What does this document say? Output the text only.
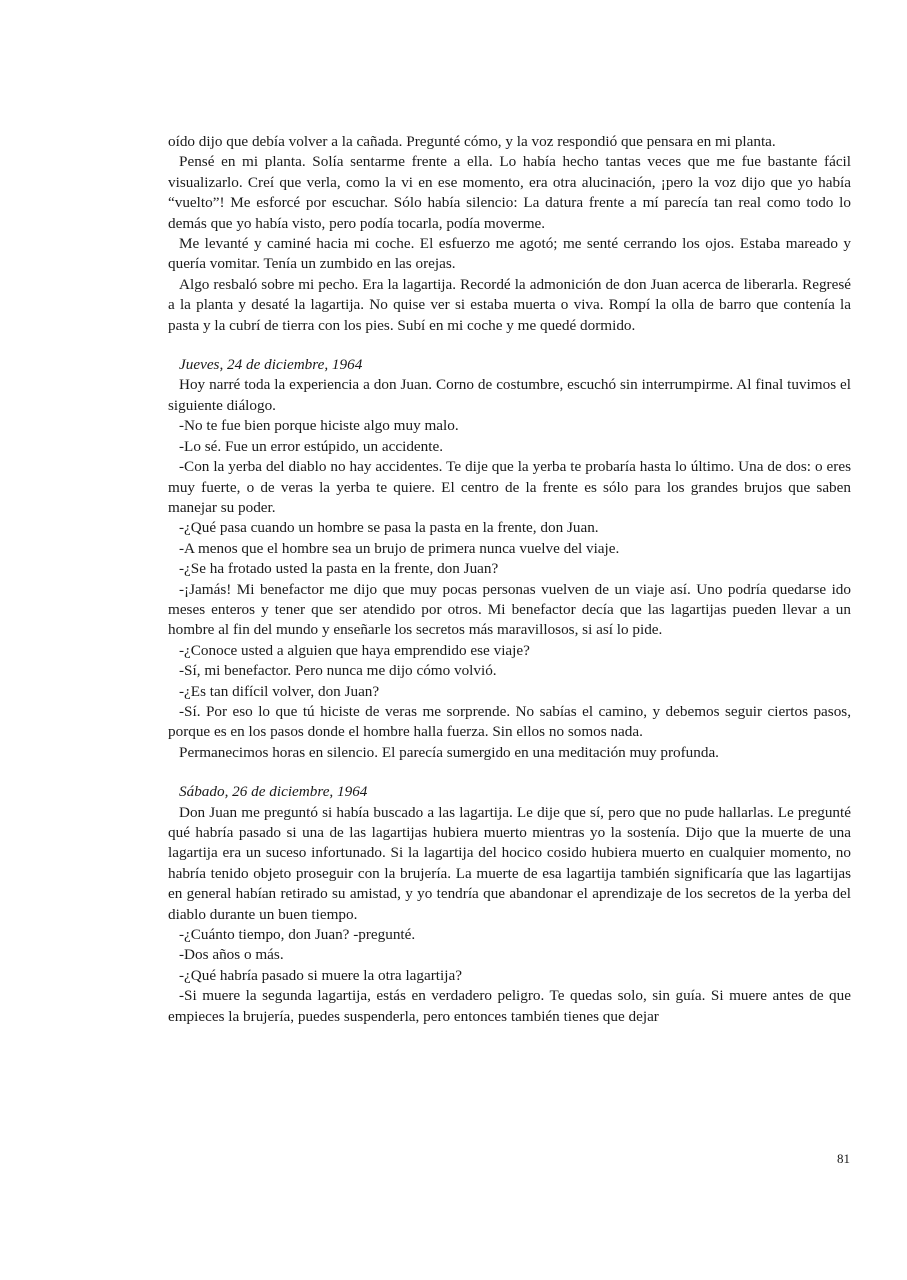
oído dijo que debía volver a la cañada. Pregunté cómo, y la voz respondió que pensara en mi planta.

Pensé en mi planta. Solía sentarme frente a ella. Lo había hecho tantas veces que me fue bastante fácil visualizarlo. Creí que verla, como la vi en ese momento, era otra alucinación, ¡pero la voz dijo que yo había “vuelto”! Me esforcé por escuchar. Sólo había silencio: La datura frente a mí parecía tan real como todo lo demás que yo había visto, pero podía tocarla, podía moverme.

Me levanté y caminé hacia mi coche. El esfuerzo me agotó; me senté cerrando los ojos. Estaba mareado y quería vomitar. Tenía un zumbido en las orejas.

Algo resbaló sobre mi pecho. Era la lagartija. Recordé la admonición de don Juan acerca de liberarla. Regresé a la planta y desaté la lagartija. No quise ver si estaba muerta o viva. Rompí la olla de barro que contenía la pasta y la cubrí de tierra con los pies. Subí en mi coche y me quedé dormido.

Jueves, 24 de diciembre, 1964

Hoy narré toda la experiencia a don Juan. Corno de costumbre, escuchó sin interrumpirme. Al final tuvimos el siguiente diálogo.

-No te fue bien porque hiciste algo muy malo.

-Lo sé. Fue un error estúpido, un accidente.

-Con la yerba del diablo no hay accidentes. Te dije que la yerba te probaría hasta lo último. Una de dos: o eres muy fuerte, o de veras la yerba te quiere. El centro de la frente es sólo para los grandes brujos que saben manejar su poder.

-¿Qué pasa cuando un hombre se pasa la pasta en la frente, don Juan.

-A menos que el hombre sea un brujo de primera nunca vuelve del viaje.

-¿Se ha frotado usted la pasta en la frente, don Juan?

-¡Jamás! Mi benefactor me dijo que muy pocas personas vuelven de un viaje así. Uno podría quedarse ido meses enteros y tener que ser atendido por otros. Mi benefactor decía que las lagartijas pueden llevar a un hombre al fin del mundo y enseñarle los secretos más maravillosos, si así lo pide.

-¿Conoce usted a alguien que haya emprendido ese viaje?

-Sí, mi benefactor. Pero nunca me dijo cómo volvió.

-¿Es tan difícil volver, don Juan?

-Sí. Por eso lo que tú hiciste de veras me sorprende. No sabías el camino, y debemos seguir ciertos pasos, porque es en los pasos donde el hombre halla fuerza. Sin ellos no somos nada.

Permanecimos horas en silencio. El parecía sumergido en una meditación muy profunda.

Sábado, 26 de diciembre, 1964

Don Juan me preguntó si había buscado a las lagartija. Le dije que sí, pero que no pude hallarlas. Le pregunté qué habría pasado si una de las lagartijas hubiera muerto mientras yo la sostenía. Dijo que la muerte de una lagartija era un suceso infortunado. Si la lagartija del hocico cosido hubiera muerto en cualquier momento, no habría tenido objeto proseguir con la brujería. La muerte de esa lagartija también significaría que las lagartijas en general habían retirado su amistad, y yo tendría que abandonar el aprendizaje de los secretos de la yerba del diablo durante un buen tiempo.

-¿Cuánto tiempo, don Juan? -pregunté.

-Dos años o más.

-¿Qué habría pasado si muere la otra lagartija?

-Si muere la segunda lagartija, estás en verdadero peligro. Te quedas solo, sin guía. Si muere antes de que empieces la brujería, puedes suspenderla, pero entonces también tienes que dejar

81
